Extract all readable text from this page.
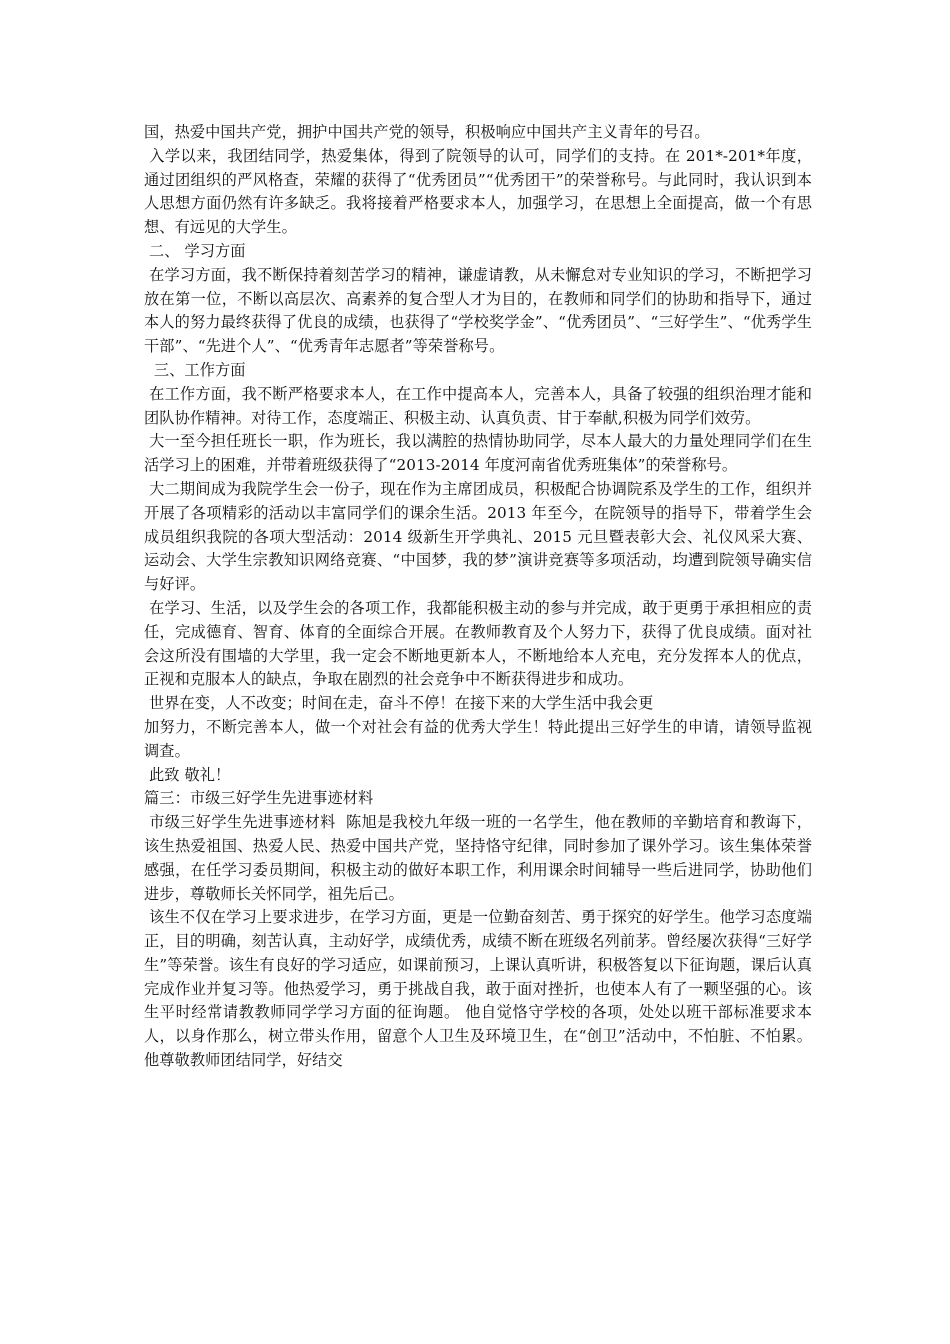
国，热爱中国共产党，拥护中国共产党的领导，积极响应中国共产主义青年的号召。

入学以来，我团结同学，热爱集体，得到了院领导的认可，同学们的支持。在 201*-201*年度，通过团组织的严风格查，荣耀的获得了“优秀团员”“优秀团干”的荣誉称号。与此同时，我认识到本人思想方面仍然有许多缺乏。我将接着严格要求本人，加强学习，在思想上全面提高，做一个有思想、有远见的大学生。

二、 学习方面

在学习方面，我不断保持着刻苦学习的精神，谦虚请教，从未懈怠对专业知识的学习，不断把学习放在第一位，不断以高层次、高素养的复合型人才为目的，在教师和同学们的协助和指导下，通过本人的努力最终获得了优良的成绩，也获得了“学校奖学金”、“优秀团员”、“三好学生”、“优秀学生干部”、“先进个人”、“优秀青年志愿者”等荣誉称号。

三、工作方面

在工作方面，我不断严格要求本人，在工作中提高本人，完善本人，具备了较强的组织治理才能和团队协作精神。对待工作，态度端正、积极主动、认真负责、甘于奉献,积极为同学们效劳。

大一至今担任班长一职，作为班长，我以满腔的热情协助同学，尽本人最大的力量处理同学们在生活学习上的困难，并带着班级获得了“2013-2014 年度河南省优秀班集体”的荣誉称号。

大二期间成为我院学生会一份子，现在作为主席团成员，积极配合协调院系及学生的工作，组织并开展了各项精彩的活动以丰富同学们的课余生活。2013 年至今，在院领导的指导下，带着学生会成员组织我院的各项大型活动：2014 级新生开学典礼、2015 元旦暨表彰大会、礼仪风采大赛、运动会、大学生宗教知识网络竞赛、“中国梦，我的梦”演讲竞赛等多项活动，均遭到院领导确实信与好评。

在学习、生活，以及学生会的各项工作，我都能积极主动的参与并完成，敢于更勇于承担相应的责任，完成德育、智育、体育的全面综合开展。在教师教育及个人努力下，获得了优良成绩。面对社会这所没有围墙的大学里，我一定会不断地更新本人，不断地给本人充电，充分发挥本人的优点，正视和克服本人的缺点，争取在剧烈的社会竞争中不断获得进步和成功。

世界在变，人不改变；时间在走，奋斗不停！在接下来的大学生活中我会更

加努力，不断完善本人，做一个对社会有益的优秀大学生！特此提出三好学生的申请，请领导监视调查。

此致 敬礼！

篇三：市级三好学生先进事迹材料

市级三好学生先进事迹材料  陈旭是我校九年级一班的一名学生，他在教师的辛勤培育和教诲下，该生热爱祖国、热爱人民、热爱中国共产党，坚持恪守纪律，同时参加了课外学习。该生集体荣誉感强，在任学习委员期间，积极主动的做好本职工作，利用课余时间辅导一些后进同学，协助他们进步，尊敬师长关怀同学，祖先后己。

该生不仅在学习上要求进步，在学习方面，更是一位勤奋刻苦、勇于探究的好学生。他学习态度端正，目的明确，刻苦认真，主动好学，成绩优秀，成绩不断在班级名列前茅。曾经屡次获得“三好学生”等荣誉。该生有良好的学习适应，如课前预习，上课认真听讲，积极答复以下征询题，课后认真完成作业并复习等。他热爱学习，勇于挑战自我，敢于面对挫折，也使本人有了一颗坚强的心。该生平时经常请教教师同学学习方面的征询题。 他自觉恪守学校的各项，处处以班干部标准要求本人，以身作那么，树立带头作用，留意个人卫生及环境卫生，在“创卫”活动中，不怕脏、不怕累。他尊敬教师团结同学，好结交
